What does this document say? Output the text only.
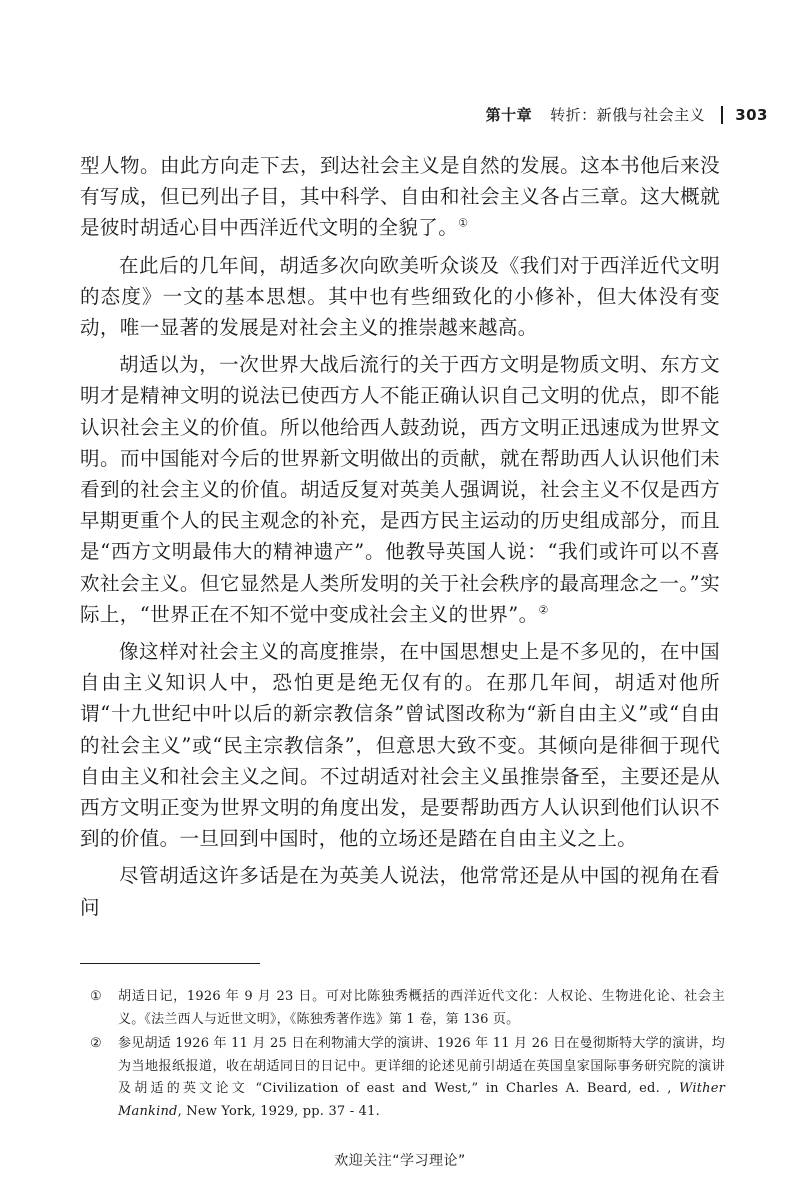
第十章 转折：新俄与社会主义 303

型人物。由此方向走下去，到达社会主义是自然的发展。这本书他后来没有写成，但已列出子目，其中科学、自由和社会主义各占三章。这大概就是彼时胡适心目中西洋近代文明的全貌了。①

在此后的几年间，胡适多次向欧美听众谈及《我们对于西洋近代文明的态度》一文的基本思想。其中也有些细致化的小修补，但大体没有变动，唯一显著的发展是对社会主义的推崇越来越高。

胡适以为，一次世界大战后流行的关于西方文明是物质文明、东方文明才是精神文明的说法已使西方人不能正确认识自己文明的优点，即不能认识社会主义的价值。所以他给西人鼓劲说，西方文明正迅速成为世界文明。而中国能对今后的世界新文明做出的贡献，就在帮助西人认识他们未看到的社会主义的价值。胡适反复对英美人强调说，社会主义不仅是西方早期更重个人的民主观念的补充，是西方民主运动的历史组成部分，而且是“西方文明最伟大的精神遗产”。他教导英国人说：“我们或许可以不喜欢社会主义。但它显然是人类所发明的关于社会秩序的最高理念之一。”实际上，“世界正在不知不觉中变成社会主义的世界”。②

像这样对社会主义的高度推崇，在中国思想史上是不多见的，在中国自由主义知识人中，恐怕更是绝无仅有的。在那几年间，胡适对他所谓“十九世纪中叶以后的新宗教信条”曾试图改称为“新自由主义”或“自由的社会主义”或“民主宗教信条”，但意思大致不变。其倾向是徘徊于现代自由主义和社会主义之间。不过胡适对社会主义虽推崇备至，主要还是从西方文明正变为世界文明的角度出发，是要帮助西方人认识到他们认识不到的价值。一旦回到中国时，他的立场还是踏在自由主义之上。

尽管胡适这许多话是在为英美人说法，他常常还是从中国的视角在看问

①	胡适日记，1926 年 9 月 23 日。可对比陈独秀概括的西洋近代文化：人权论、生物进化论、社会主义。《法兰西人与近世文明》，《陈独秀著作选》第 1 卷，第 136 页。
②	参见胡适 1926 年 11 月 25 日在利物浦大学的演讲、1926 年 11 月 26 日在曼彻斯特大学的演讲，均为当地报纸报道，收在胡适同日的日记中。更详细的论述见前引胡适在英国皇家国际事务研究院的演讲及胡适的英文论文 “Civilization of east and West,” in Charles A. Beard, ed. , Wither Mankind, New York, 1929, pp. 37 - 41.
欢迎关注“学习理论”
